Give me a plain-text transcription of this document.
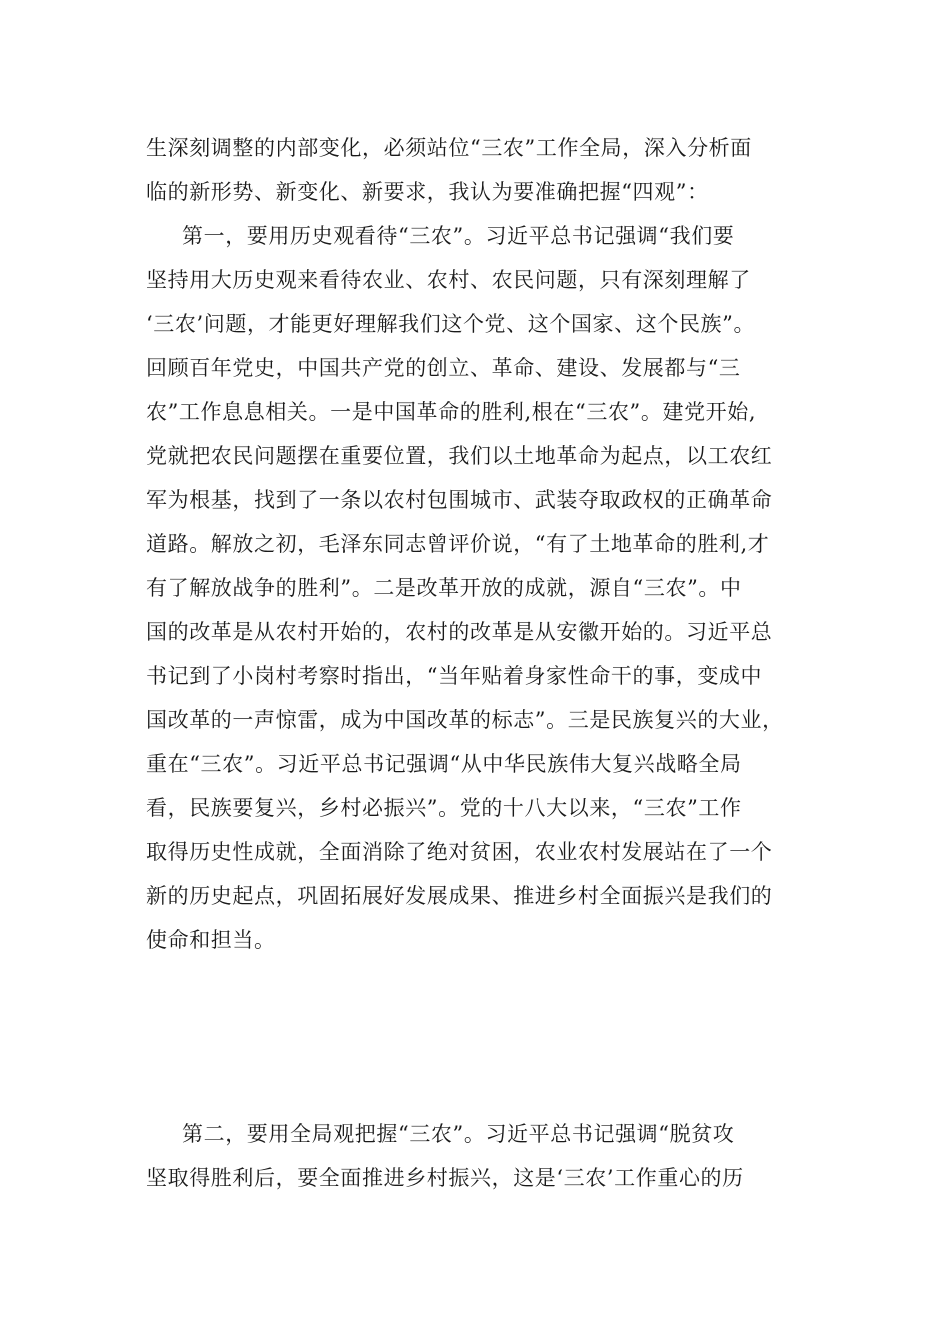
生深刻调整的内部变化，必须站位“三农”工作全局，深入分析面
临的新形势、新变化、新要求，我认为要准确把握“四观”：
第一，要用历史观看待“三农”。习近平总书记强调“我们要
坚持用大历史观来看待农业、农村、农民问题，只有深刻理解了
‘三农’问题，才能更好理解我们这个党、这个国家、这个民族”。
回顾百年党史，中国共产党的创立、革命、建设、发展都与“三
农”工作息息相关。一是中国革命的胜利,根在“三农”。建党开始,
党就把农民问题摆在重要位置，我们以土地革命为起点，以工农红
军为根基，找到了一条以农村包围城市、武装夺取政权的正确革命
道路。解放之初，毛泽东同志曾评价说，“有了土地革命的胜利,才
有了解放战争的胜利”。二是改革开放的成就，源自“三农”。中
国的改革是从农村开始的，农村的改革是从安徽开始的。习近平总
书记到了小岗村考察时指出，“当年贴着身家性命干的事，变成中
国改革的一声惊雷，成为中国改革的标志”。三是民族复兴的大业，
重在“三农”。习近平总书记强调“从中华民族伟大复兴战略全局
看，民族要复兴，乡村必振兴”。党的十八大以来，“三农”工作
取得历史性成就，全面消除了绝对贫困，农业农村发展站在了一个
新的历史起点，巩固拓展好发展成果、推进乡村全面振兴是我们的
使命和担当。
第二，要用全局观把握“三农”。习近平总书记强调“脱贫攻
坚取得胜利后，要全面推进乡村振兴，这是‘三农’工作重心的历
